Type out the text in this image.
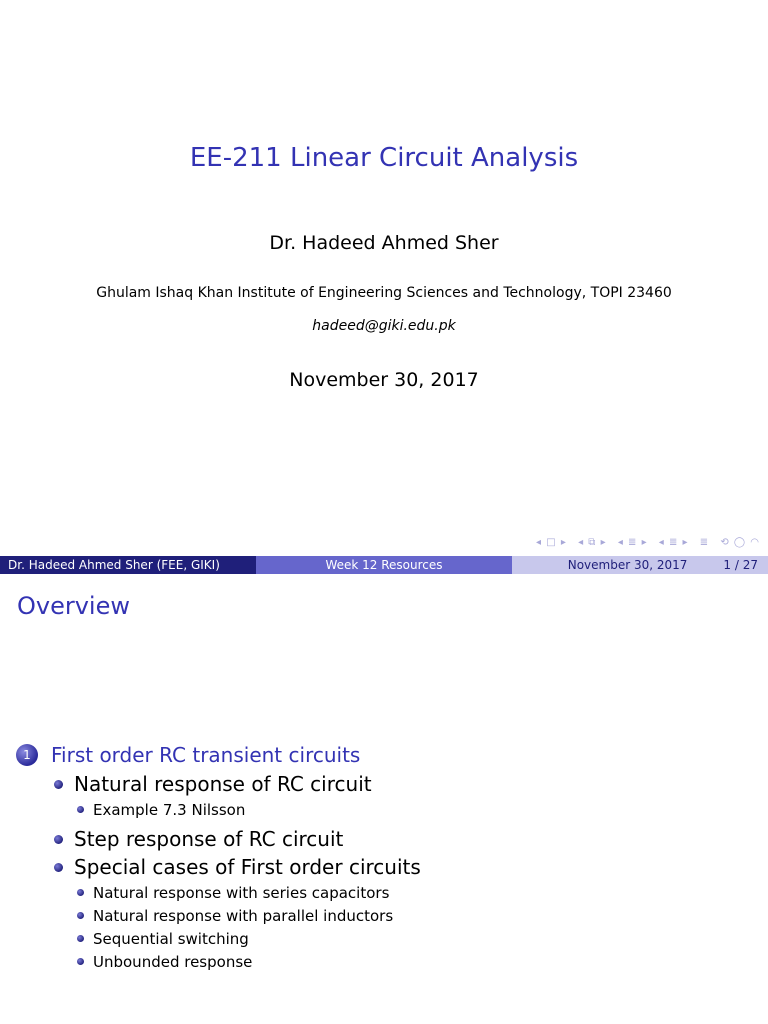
EE-211 Linear Circuit Analysis
Dr. Hadeed Ahmed Sher
Ghulam Ishaq Khan Institute of Engineering Sciences and Technology, TOPI 23460
hadeed@giki.edu.pk
November 30, 2017
◂ □ ▸ ◂ ⧉ ▸ ◂ ≣ ▸ ◂ ≣ ▸ ≣ ⟲ ◯ ◠
Dr. Hadeed Ahmed Sher (FEE, GIKI)	Week 12 Resources	November 30, 2017	1 / 27
Overview
1	First order RC transient circuits
Natural response of RC circuit
Example 7.3 Nilsson
Step response of RC circuit
Special cases of First order circuits
Natural response with series capacitors
Natural response with parallel inductors
Sequential switching
Unbounded response
